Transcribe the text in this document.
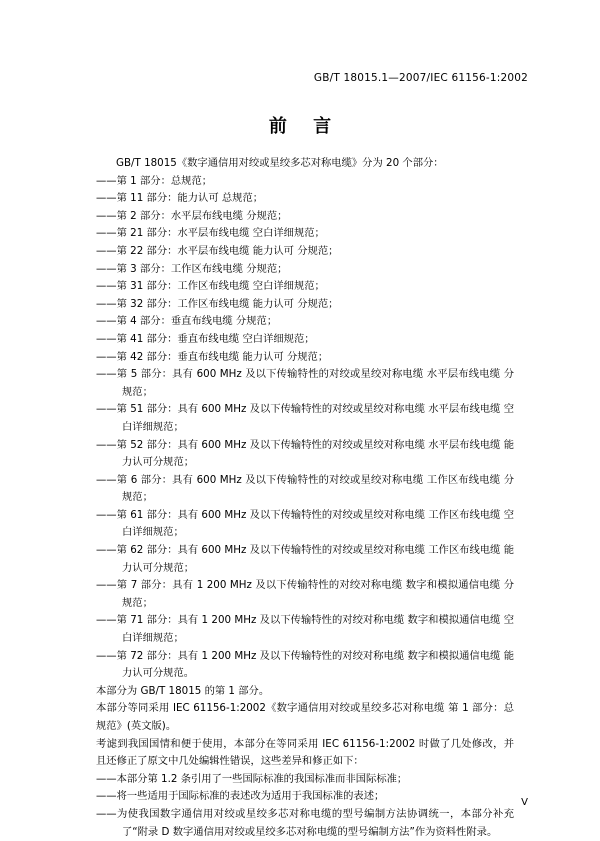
GB/T 18015.1—2007/IEC 61156-1:2002
前 言

GB/T 18015《数字通信用对绞或星绞多芯对称电缆》分为 20 个部分：

——第 1 部分：总规范；

——第 11 部分：能力认可 总规范；

——第 2 部分：水平层布线电缆 分规范；

——第 21 部分：水平层布线电缆 空白详细规范；

——第 22 部分：水平层布线电缆 能力认可 分规范；

——第 3 部分：工作区布线电缆 分规范；

——第 31 部分：工作区布线电缆 空白详细规范；

——第 32 部分：工作区布线电缆 能力认可 分规范；

——第 4 部分：垂直布线电缆 分规范；

——第 41 部分：垂直布线电缆 空白详细规范；

——第 42 部分：垂直布线电缆 能力认可 分规范；

——第 5 部分：具有 600 MHz 及以下传输特性的对绞或星绞对称电缆 水平层布线电缆 分规范；

——第 51 部分：具有 600 MHz 及以下传输特性的对绞或星绞对称电缆 水平层布线电缆 空白详细规范；

——第 52 部分：具有 600 MHz 及以下传输特性的对绞或星绞对称电缆 水平层布线电缆 能力认可分规范；

——第 6 部分：具有 600 MHz 及以下传输特性的对绞或星绞对称电缆 工作区布线电缆 分规范；

——第 61 部分：具有 600 MHz 及以下传输特性的对绞或星绞对称电缆 工作区布线电缆 空白详细规范；

——第 62 部分：具有 600 MHz 及以下传输特性的对绞或星绞对称电缆 工作区布线电缆 能力认可分规范；

——第 7 部分：具有 1 200 MHz 及以下传输特性的对绞对称电缆 数字和模拟通信电缆 分规范；

——第 71 部分：具有 1 200 MHz 及以下传输特性的对绞对称电缆 数字和模拟通信电缆 空白详细规范；

——第 72 部分：具有 1 200 MHz 及以下传输特性的对绞对称电缆 数字和模拟通信电缆 能力认可分规范。

本部分为 GB/T 18015 的第 1 部分。

本部分等同采用 IEC 61156-1:2002《数字通信用对绞或星绞多芯对称电缆 第 1 部分：总规范》(英文版)。

考滤到我国国情和便于使用，本部分在等同采用 IEC 61156-1:2002 时做了几处修改，并且还修正了原文中几处编辑性错误，这些差异和修正如下：

——本部分第 1.2 条引用了一些国际标准的我国标准而非国际标准；

——将一些适用于国际标准的表述改为适用于我国标准的表述；

——为使我国数字通信用对绞或星绞多芯对称电缆的型号编制方法协调统一，本部分补充了“附录 D 数字通信用对绞或星绞多芯对称电缆的型号编制方法”作为资料性附录。

V
